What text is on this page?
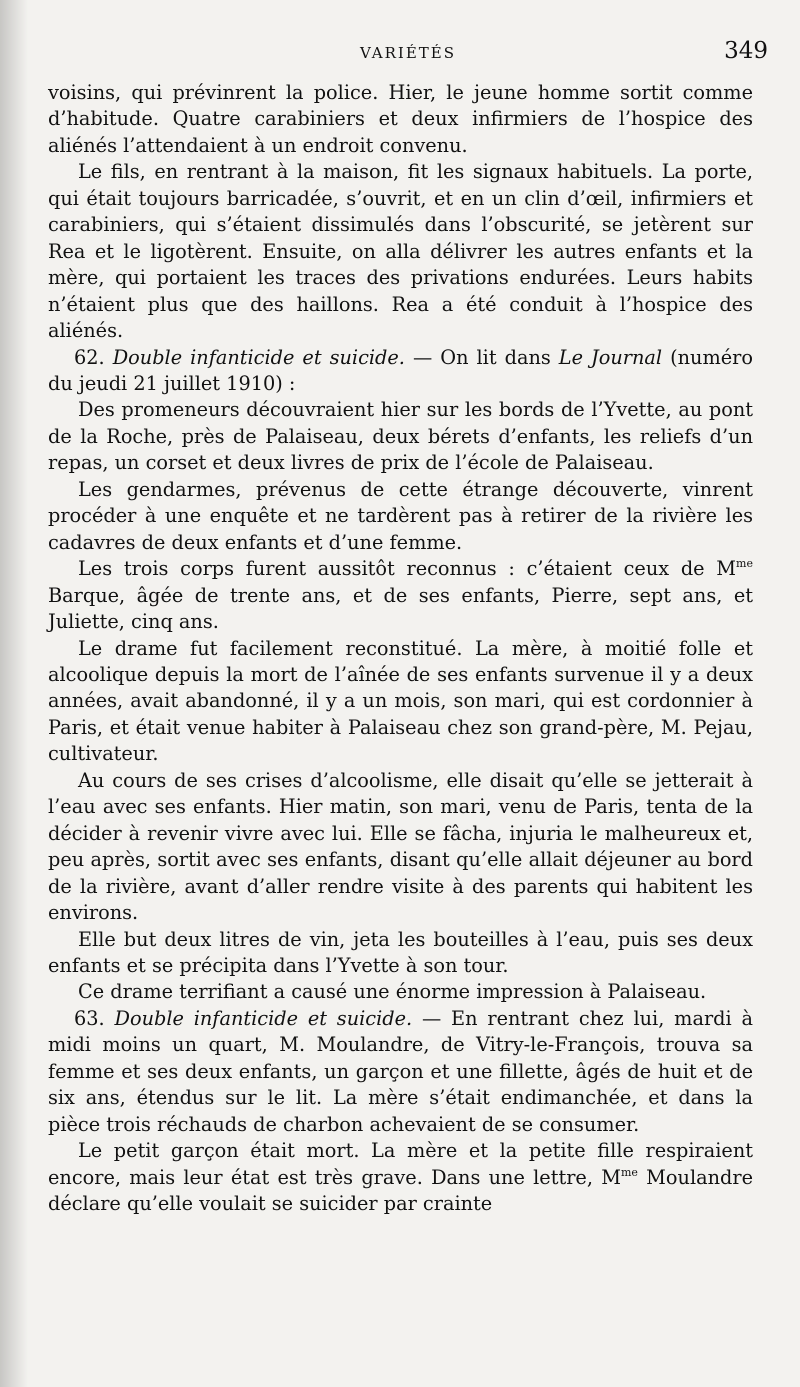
VARIÉTÉS	349

voisins, qui prévinrent la police. Hier, le jeune homme sortit comme d’habitude. Quatre carabiniers et deux infirmiers de l’hospice des aliénés l’attendaient à un endroit convenu.

Le fils, en rentrant à la maison, fit les signaux habituels. La porte, qui était toujours barricadée, s’ouvrit, et en un clin d’œil, infirmiers et carabiniers, qui s’étaient dissimulés dans l’obscurité, se jetèrent sur Rea et le ligotèrent. Ensuite, on alla délivrer les autres enfants et la mère, qui portaient les traces des privations endurées. Leurs habits n’étaient plus que des haillons. Rea a été conduit à l’hospice des aliénés.

62. Double infanticide et suicide. — On lit dans Le Journal (numéro du jeudi 21 juillet 1910) :

Des promeneurs découvraient hier sur les bords de l’Yvette, au pont de la Roche, près de Palaiseau, deux bérets d’enfants, les reliefs d’un repas, un corset et deux livres de prix de l’école de Palaiseau.

Les gendarmes, prévenus de cette étrange découverte, vinrent procéder à une enquête et ne tardèrent pas à retirer de la rivière les cadavres de deux enfants et d’une femme.

Les trois corps furent aussitôt reconnus : c’étaient ceux de $M^{me}$ Barque, âgée de trente ans, et de ses enfants, Pierre, sept ans, et Juliette, cinq ans.

Le drame fut facilement reconstitué. La mère, à moitié folle et alcoolique depuis la mort de l’aînée de ses enfants survenue il y a deux années, avait abandonné, il y a un mois, son mari, qui est cordonnier à Paris, et était venue habiter à Palaiseau chez son grand-père, M. Pejau, cultivateur.

Au cours de ses crises d’alcoolisme, elle disait qu’elle se jetterait à l’eau avec ses enfants. Hier matin, son mari, venu de Paris, tenta de la décider à revenir vivre avec lui. Elle se fâcha, injuria le malheureux et, peu après, sortit avec ses enfants, disant qu’elle allait déjeuner au bord de la rivière, avant d’aller rendre visite à des parents qui habitent les environs.

Elle but deux litres de vin, jeta les bouteilles à l’eau, puis ses deux enfants et se précipita dans l’Yvette à son tour.

Ce drame terrifiant a causé une énorme impression à Palaiseau.

63. Double infanticide et suicide. — En rentrant chez lui, mardi à midi moins un quart, M. Moulandre, de Vitry-le-François, trouva sa femme et ses deux enfants, un garçon et une fillette, âgés de huit et de six ans, étendus sur le lit. La mère s’était endimanchée, et dans la pièce trois réchauds de charbon achevaient de se consumer.

Le petit garçon était mort. La mère et la petite fille respiraient encore, mais leur état est très grave. Dans une lettre, $M^{me}$ Moulandre déclare qu’elle voulait se suicider par crainte
